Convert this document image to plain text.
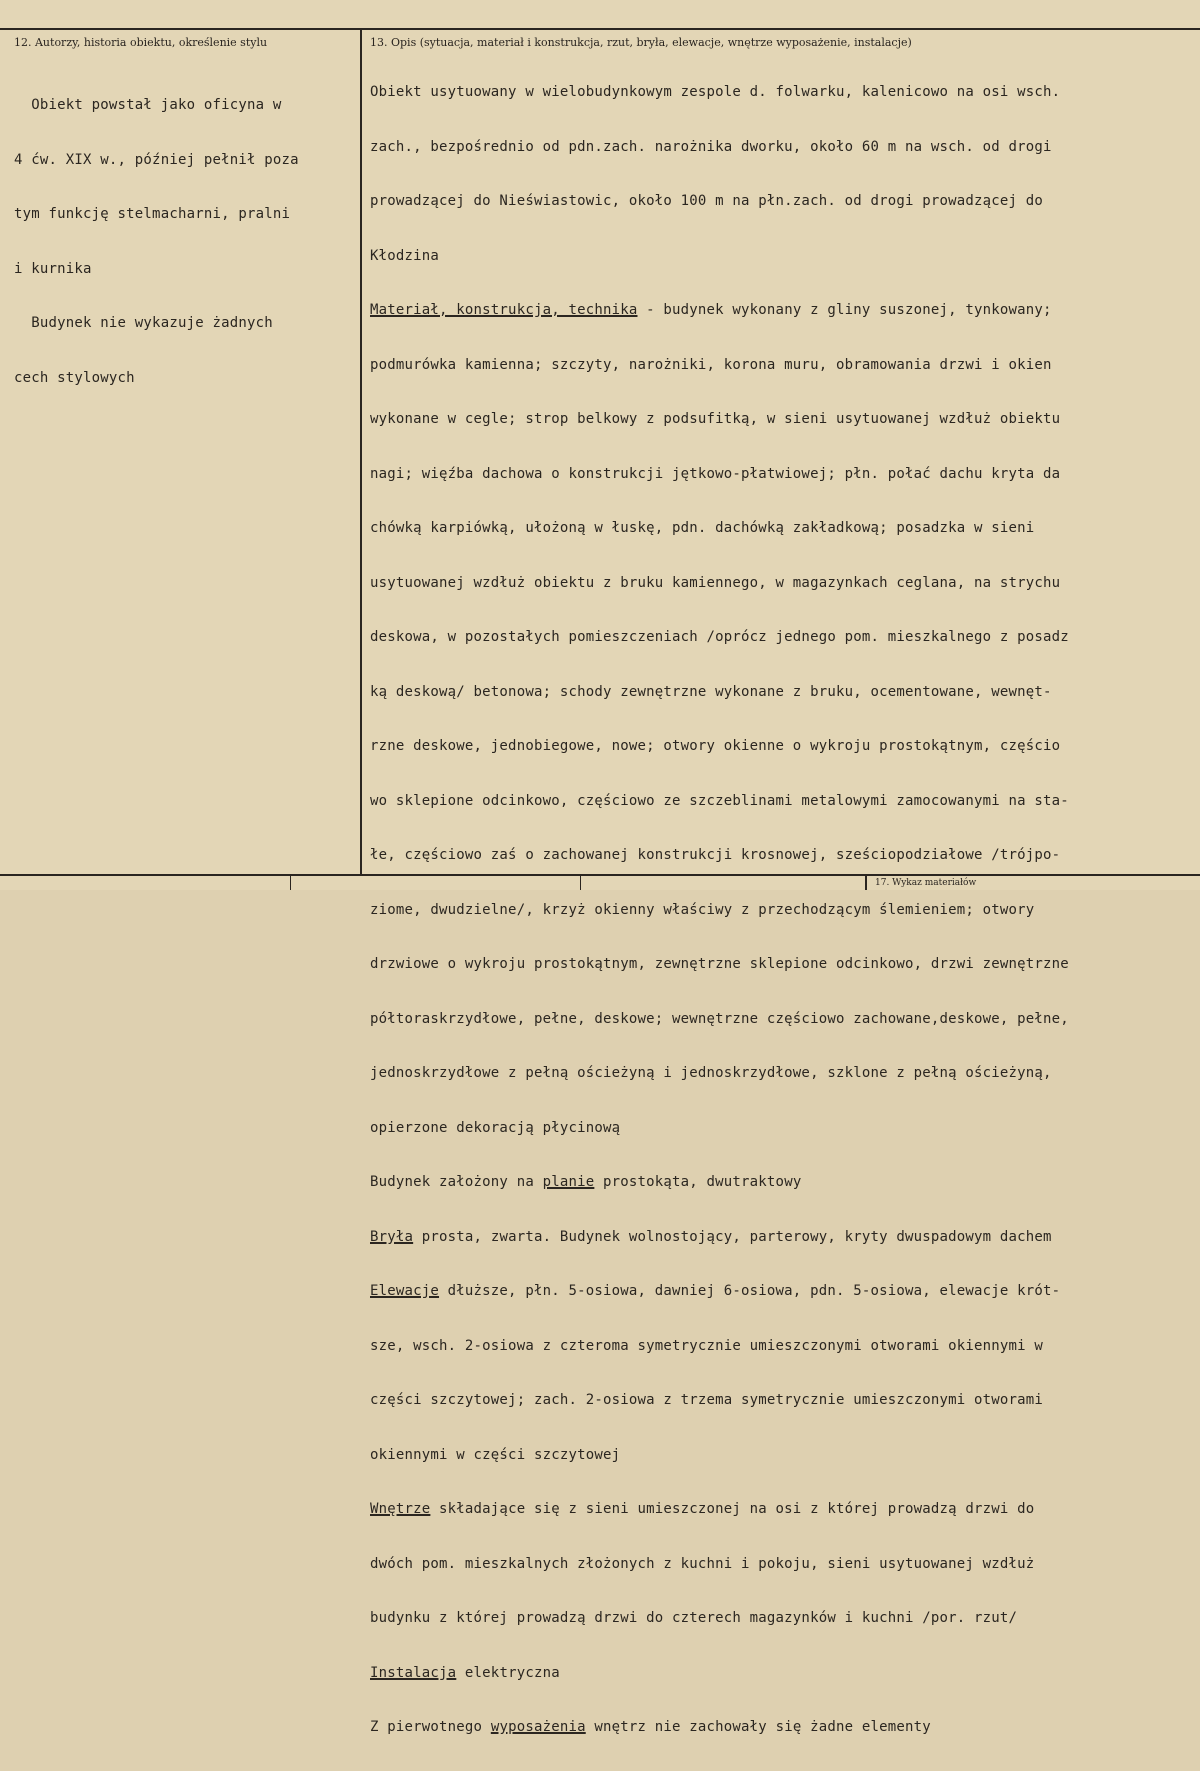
12. Autorzy, historia obiektu, określenie stylu	13. Opis (sytuacja, materiał i konstrukcja, rzut, bryła, elewacje, wnętrze wyposażenie, instalacje)

Obiekt powstał jako oficyna w

4 ćw. XIX w., później pełnił poza

tym funkcję stelmacharni, pralni

i kurnika

Budynek nie wykazuje żadnych

cech stylowych

Obiekt usytuowany w wielobudynkowym zespole d. folwarku, kalenicowo na osi wsch.

zach., bezpośrednio od pdn.zach. narożnika dworku, około 60 m na wsch. od drogi

prowadzącej do Nieświastowic, około 100 m na płn.zach. od drogi prowadzącej do

Kłodzina

Materiał, konstrukcja, technika - budynek wykonany z gliny suszonej, tynkowany;

podmurówka kamienna; szczyty, narożniki, korona muru, obramowania drzwi i okien

wykonane w cegle; strop belkowy z podsufitką, w sieni usytuowanej wzdłuż obiektu

nagi; więźba dachowa o konstrukcji jętkowo-płatwiowej; płn. połać dachu kryta da

chówką karpiówką, ułożoną w łuskę, pdn. dachówką zakładkową; posadzka w sieni

usytuowanej wzdłuż obiektu z bruku kamiennego, w magazynkach ceglana, na strychu

deskowa, w pozostałych pomieszczeniach /oprócz jednego pom. mieszkalnego z posadz

ką deskową/ betonowa; schody zewnętrzne wykonane z bruku, ocementowane, wewnęt-

rzne deskowe, jednobiegowe, nowe; otwory okienne o wykroju prostokątnym, częścio

wo sklepione odcinkowo, częściowo ze szczeblinami metalowymi zamocowanymi na sta-

łe, częściowo zaś o zachowanej konstrukcji krosnowej, sześciopodziałowe /trójpo-

ziome, dwudzielne/, krzyż okienny właściwy z przechodzącym ślemieniem; otwory

drzwiowe o wykroju prostokątnym, zewnętrzne sklepione odcinkowo, drzwi zewnętrzne

półtoraskrzydłowe, pełne, deskowe; wewnętrzne częściowo zachowane,deskowe, pełne,

jednoskrzydłowe z pełną ościeżyną i jednoskrzydłowe, szklone z pełną ościeżyną,

opierzone dekoracją płycinową

Budynek założony na planie prostokąta, dwutraktowy

Bryła prosta, zwarta. Budynek wolnostojący, parterowy, kryty dwuspadowym dachem

Elewacje dłuższe, płn. 5-osiowa, dawniej 6-osiowa, pdn. 5-osiowa, elewacje krót-

sze, wsch. 2-osiowa z czteroma symetrycznie umieszczonymi otworami okiennymi w

części szczytowej; zach. 2-osiowa z trzema symetrycznie umieszczonymi otworami

okiennymi w części szczytowej

Wnętrze składające się z sieni umieszczonej na osi z której prowadzą drzwi do

dwóch pom. mieszkalnych złożonych z kuchni i pokoju, sieni usytuowanej wzdłuż

budynku z której prowadzą drzwi do czterech magazynków i kuchni /por. rzut/

Instalacja elektryczna

Z pierwotnego wyposażenia wnętrz nie zachowały się żadne elementy

17. Wykaz materiałów
